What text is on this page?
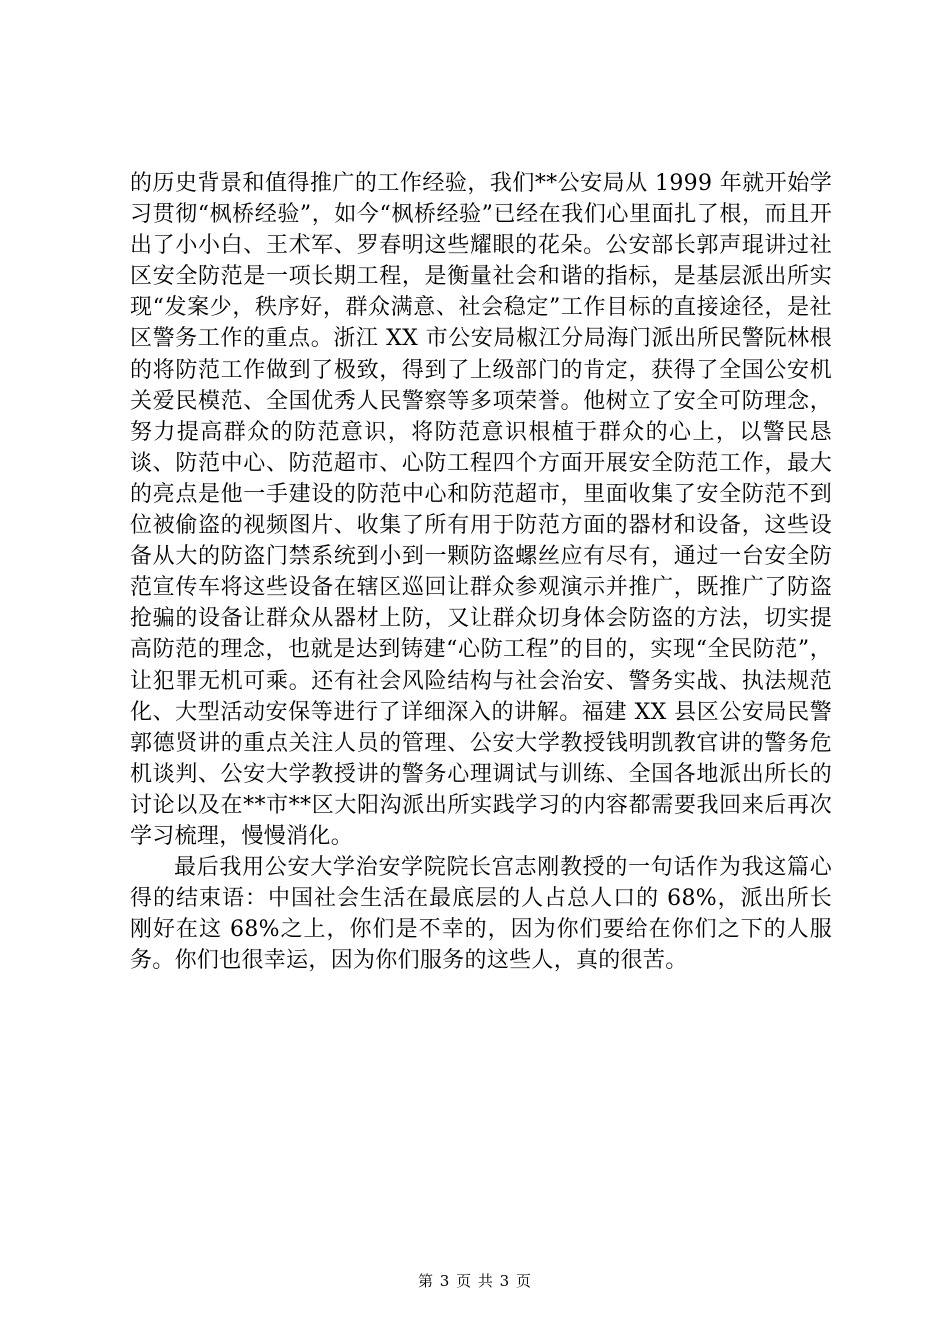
的历史背景和值得推广的工作经验，我们**公安局从 1999 年就开始学习贯彻“枫桥经验”，如今“枫桥经验”已经在我们心里面扎了根，而且开出了小小白、王术军、罗春明这些耀眼的花朵。公安部长郭声琨讲过社区安全防范是一项长期工程，是衡量社会和谐的指标，是基层派出所实现“发案少，秩序好，群众满意、社会稳定”工作目标的直接途径，是社区警务工作的重点。浙江 XX 市公安局椒江分局海门派出所民警阮林根的将防范工作做到了极致，得到了上级部门的肯定，获得了全国公安机关爱民模范、全国优秀人民警察等多项荣誉。他树立了安全可防理念，努力提高群众的防范意识，将防范意识根植于群众的心上，以警民恳谈、防范中心、防范超市、心防工程四个方面开展安全防范工作，最大的亮点是他一手建设的防范中心和防范超市，里面收集了安全防范不到位被偷盗的视频图片、收集了所有用于防范方面的器材和设备，这些设备从大的防盗门禁系统到小到一颗防盗螺丝应有尽有，通过一台安全防范宣传车将这些设备在辖区巡回让群众参观演示并推广，既推广了防盗抢骗的设备让群众从器材上防，又让群众切身体会防盗的方法，切实提高防范的理念，也就是达到铸建“心防工程”的目的，实现“全民防范”，让犯罪无机可乘。还有社会风险结构与社会治安、警务实战、执法规范化、大型活动安保等进行了详细深入的讲解。福建 XX 县区公安局民警郭德贤讲的重点关注人员的管理、公安大学教授钱明凯教官讲的警务危机谈判、公安大学教授讲的警务心理调试与训练、全国各地派出所长的讨论以及在**市**区大阳沟派出所实践学习的内容都需要我回来后再次学习梳理，慢慢消化。

最后我用公安大学治安学院院长宫志刚教授的一句话作为我这篇心得的结束语：中国社会生活在最底层的人占总人口的 68%，派出所长刚好在这 68%之上，你们是不幸的，因为你们要给在你们之下的人服务。你们也很幸运，因为你们服务的这些人，真的很苦。

第 3 页 共 3 页
